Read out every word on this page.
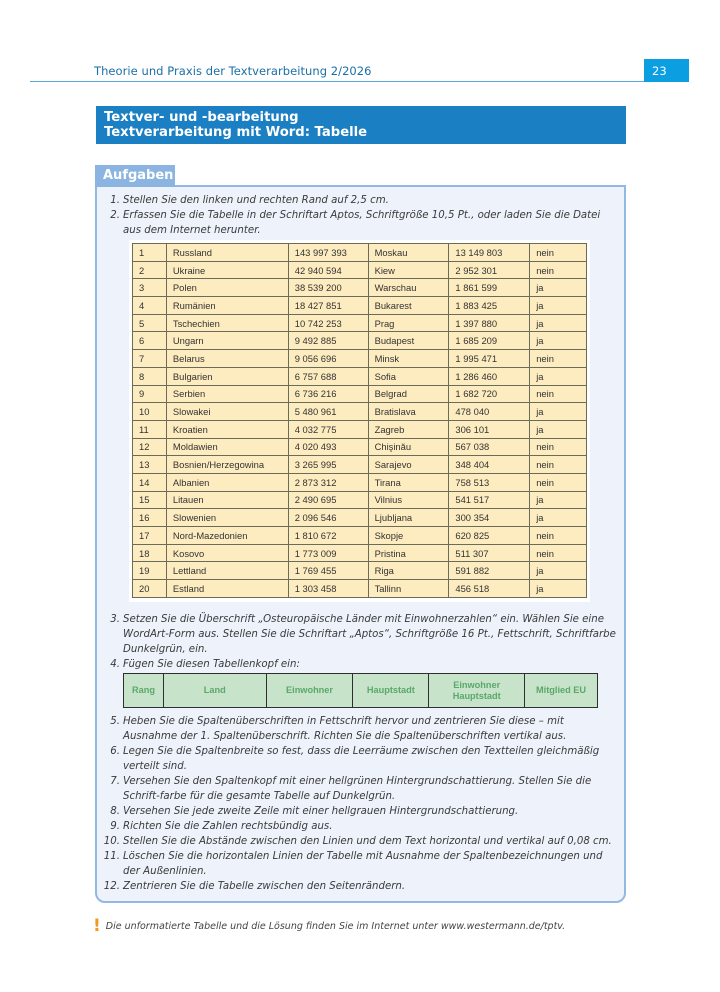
Theorie und Praxis der Textverarbeitung 2/2026	23
Textver- und -bearbeitung
Textverarbeitung mit Word: Tabelle
Aufgaben
1. Stellen Sie den linken und rechten Rand auf 2,5 cm.
2. Erfassen Sie die Tabelle in der Schriftart Aptos, Schriftgröße 10,5 Pt., oder laden Sie die Datei aus dem Internet herunter.
1	Russland	143 997 393	Moskau	13 149 803	nein
2	Ukraine	42 940 594	Kiew	2 952 301	nein
3	Polen	38 539 200	Warschau	1 861 599	ja
4	Rumänien	18 427 851	Bukarest	1 883 425	ja
5	Tschechien	10 742 253	Prag	1 397 880	ja
6	Ungarn	9 492 885	Budapest	1 685 209	ja
7	Belarus	9 056 696	Minsk	1 995 471	nein
8	Bulgarien	6 757 688	Sofia	1 286 460	ja
9	Serbien	6 736 216	Belgrad	1 682 720	nein
10	Slowakei	5 480 961	Bratislava	478 040	ja
11	Kroatien	4 032 775	Zagreb	306 101	ja
12	Moldawien	4 020 493	Chişinău	567 038	nein
13	Bosnien/Herzegowina	3 265 995	Sarajevo	348 404	nein
14	Albanien	2 873 312	Tirana	758 513	nein
15	Litauen	2 490 695	Vilnius	541 517	ja
16	Slowenien	2 096 546	Ljubljana	300 354	ja
17	Nord-Mazedonien	1 810 672	Skopje	620 825	nein
18	Kosovo	1 773 009	Pristina	511 307	nein
19	Lettland	1 769 455	Riga	591 882	ja
20	Estland	1 303 458	Tallinn	456 518	ja
3. Setzen Sie die Überschrift „Osteuropäische Länder mit Einwohnerzahlen“ ein. Wählen Sie eine WordArt-Form aus. Stellen Sie die Schriftart „Aptos“, Schriftgröße 16 Pt., Fettschrift, Schriftfarbe Dunkelgrün, ein.
4. Fügen Sie diesen Tabellenkopf ein:
Rang	Land	Einwohner	Hauptstadt	Einwohner Hauptstadt	Mitglied EU
5. Heben Sie die Spaltenüberschriften in Fettschrift hervor und zentrieren Sie diese – mit Ausnahme der 1. Spaltenüberschrift. Richten Sie die Spaltenüberschriften vertikal aus.
6. Legen Sie die Spaltenbreite so fest, dass die Leerräume zwischen den Textteilen gleichmäßig verteilt sind.
7. Versehen Sie den Spaltenkopf mit einer hellgrünen Hintergrundschattierung. Stellen Sie die Schrift-farbe für die gesamte Tabelle auf Dunkelgrün.
8. Versehen Sie jede zweite Zeile mit einer hellgrauen Hintergrundschattierung.
9. Richten Sie die Zahlen rechtsbündig aus.
10. Stellen Sie die Abstände zwischen den Linien und dem Text horizontal und vertikal auf 0,08 cm.
11. Löschen Sie die horizontalen Linien der Tabelle mit Ausnahme der Spaltenbezeichnungen und der Außenlinien.
12. Zentrieren Sie die Tabelle zwischen den Seitenrändern.
! Die unformatierte Tabelle und die Lösung finden Sie im Internet unter www.westermann.de/tptv.
